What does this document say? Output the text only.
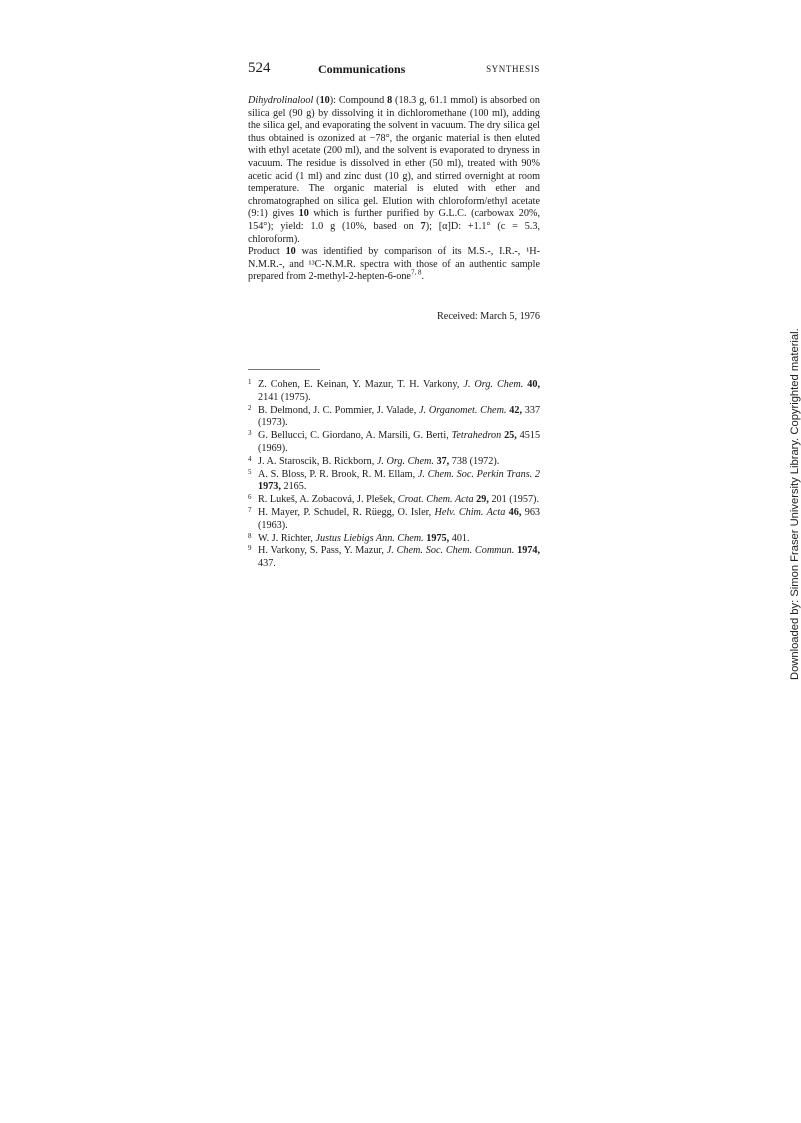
524	Communications	SYNTHESIS

Dihydrolinalool (10): Compound 8 (18.3 g, 61.1 mmol) is absorbed on silica gel (90 g) by dissolving it in dichloromethane (100 ml), adding the silica gel, and evaporating the solvent in vacuum. The dry silica gel thus obtained is ozonized at −78°, the organic material is then eluted with ethyl acetate (200 ml), and the solvent is evaporated to dryness in vacuum. The residue is dissolved in ether (50 ml), treated with 90% acetic acid (1 ml) and zinc dust (10 g), and stirred overnight at room temperature. The organic material is eluted with ether and chromatographed on silica gel. Elution with chloroform/ethyl acetate (9:1) gives 10 which is further purified by G.L.C. (carbowax 20%, 154°); yield: 1.0 g (10%, based on 7); [α]D: +1.1° (c = 5.3, chloroform).

Product 10 was identified by comparison of its M.S.-, I.R.-, ¹H-N.M.R.-, and ¹³C-N.M.R. spectra with those of an authentic sample prepared from 2-methyl-2-hepten-6-one$^{7, 8}$.

Received: March 5, 1976
1 Z. Cohen, E. Keinan, Y. Mazur, T. H. Varkony, J. Org. Chem. 40, 2141 (1975).
2 B. Delmond, J. C. Pommier, J. Valade, J. Organomet. Chem. 42, 337 (1973).
3 G. Bellucci, C. Giordano, A. Marsili, G. Berti, Tetrahedron 25, 4515 (1969).
4 J. A. Staroscik, B. Rickborn, J. Org. Chem. 37, 738 (1972).
5 A. S. Bloss, P. R. Brook, R. M. Ellam, J. Chem. Soc. Perkin Trans. 2 1973, 2165.
6 R. Lukeš, A. Zobacová, J. Plešek, Croat. Chem. Acta 29, 201 (1957).
7 H. Mayer, P. Schudel, R. Rüegg, O. Isler, Helv. Chim. Acta 46, 963 (1963).
8 W. J. Richter, Justus Liebigs Ann. Chem. 1975, 401.
9 H. Varkony, S. Pass, Y. Mazur, J. Chem. Soc. Chem. Commun. 1974, 437.	Downloaded by: Simon Fraser University Library. Copyrighted material.
